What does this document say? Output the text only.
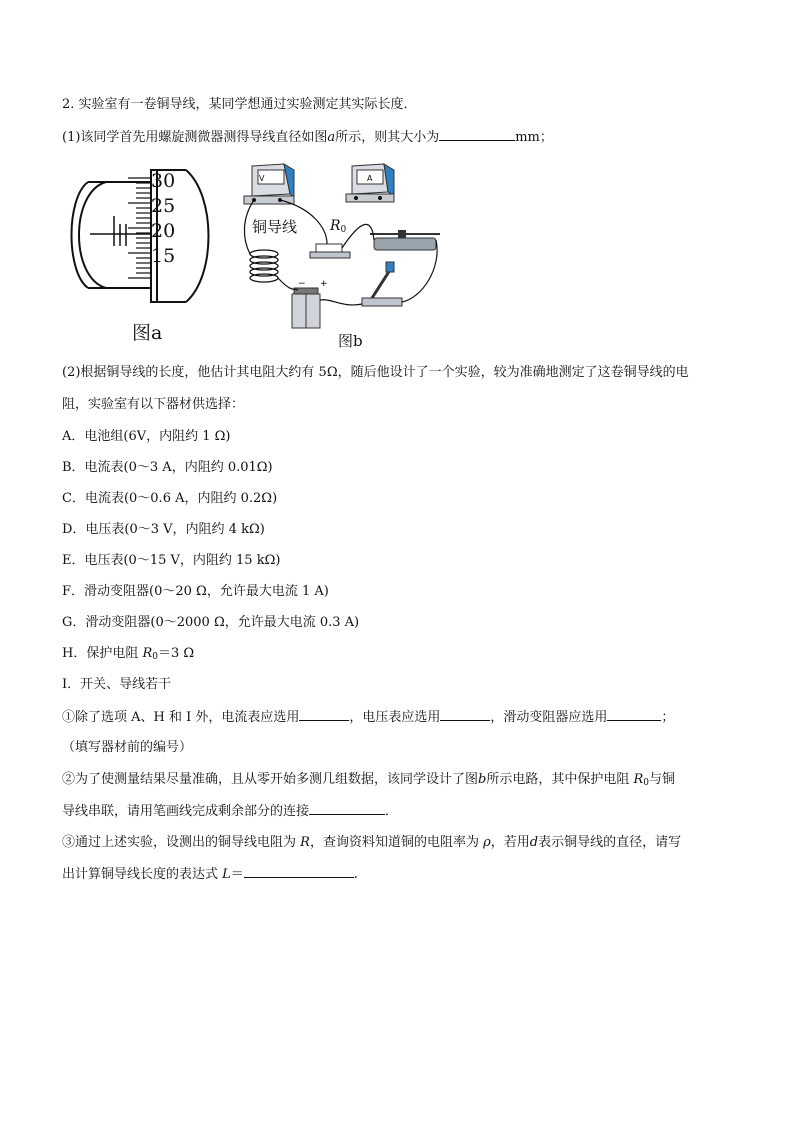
2. 实验室有一卷铜导线，某同学想通过实验测定其实际长度．
(1)该同学首先用螺旋测微器测得导线直径如图a所示，则其大小为	mm；
30
25
20
15
图a
− +
V	A
铜导线 $R_0$
图b
(2)根据铜导线的长度，他估计其电阻大约有 5Ω，随后他设计了一个实验，较为准确地测定了这卷铜导线的电
阻，实验室有以下器材供选择：
A．电池组(6V，内阻约 1 Ω)
B．电流表(0～3 A，内阻约 0.01Ω)
C．电流表(0～0.6 A，内阻约 0.2Ω)
D．电压表(0～3 V，内阻约 4 kΩ)
E．电压表(0～15 V，内阻约 15 kΩ)
F．滑动变阻器(0～20 Ω，允许最大电流 1 A)
G．滑动变阻器(0～2000 Ω，允许最大电流 0.3 A)
H．保护电阻 $R_0=3$ Ω
I．开关、导线若干
①除了选项 A、H 和 I 外，电流表应选用	，电压表应选用	，滑动变阻器应选用	；
（填写器材前的编号）
②为了使测量结果尽量准确，且从零开始多测几组数据，该同学设计了图b所示电路，其中保护电阻 $R_0$与铜
导线串联，请用笔画线完成剩余部分的连接	．
③通过上述实验，设测出的铜导线电阻为 R，查询资料知道铜的电阻率为 ρ，若用d表示铜导线的直径，请写
出计算铜导线长度的表达式 L＝	.
